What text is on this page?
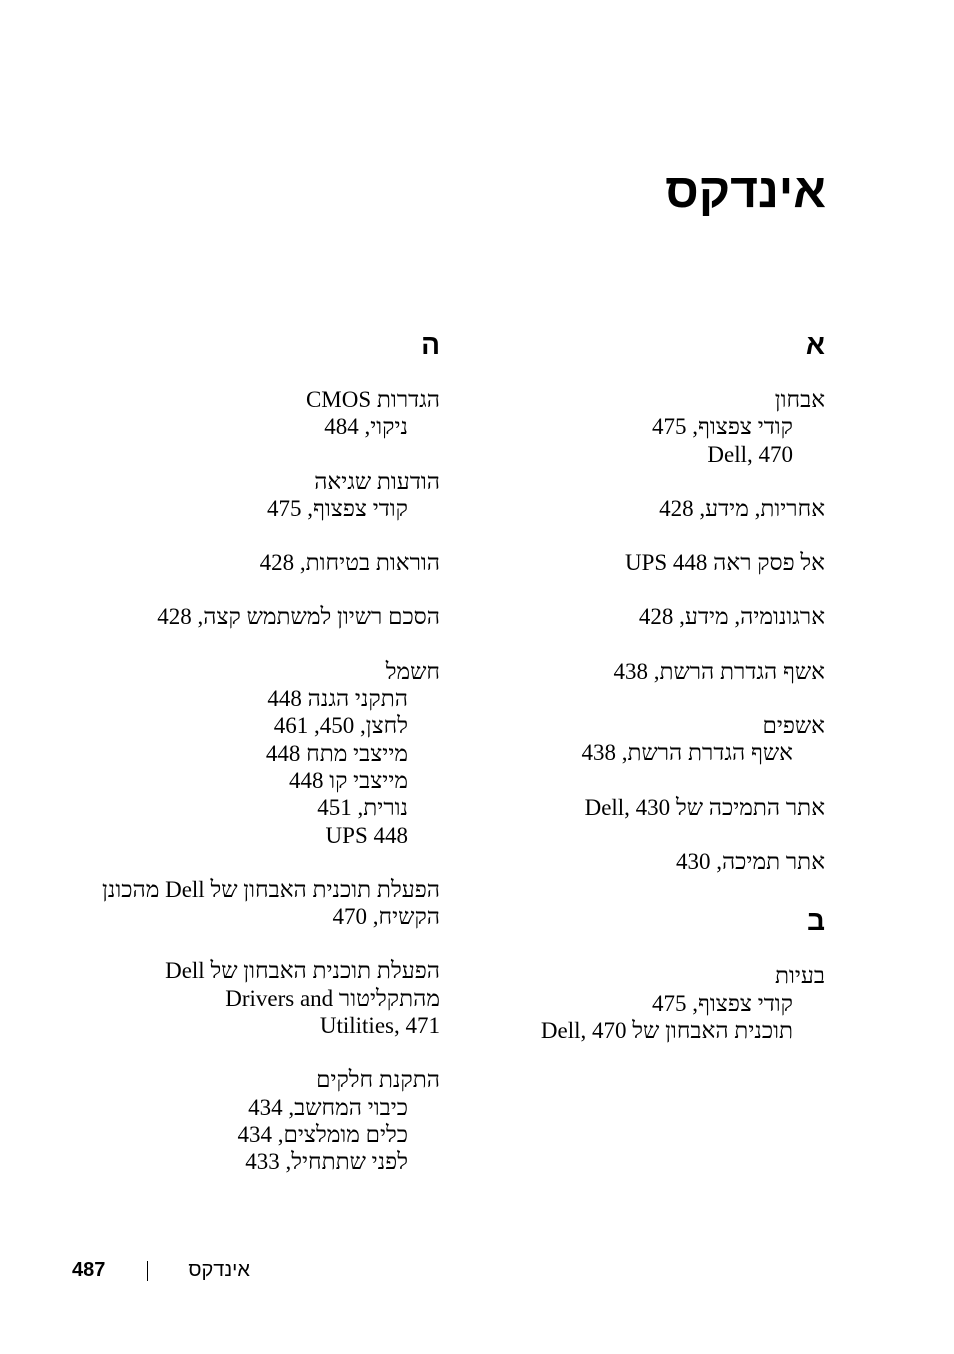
אינדקס
א
אבחון
קודי צפצוף, 475
Dell, 470
אחריות, מידע, 428
אל פסק ראה UPS 448
ארגונומיה, מידע, 428
אשף הגדרת הרשת, 438
אשפים
אשף הגדרת הרשת, 438
אתר התמיכה של Dell, 430
אתר תמיכה, 430
ב
בעיות
קודי צפצוף, 475
תוכנית האבחון של Dell, 470
ה
הגדרות CMOS
ניקוי, 484
הודעות שגיאה
קודי צפצוף, 475
הוראות בטיחות, 428
הסכם רשיון למשתמש קצה, 428
חשמל
התקני הגנה 448
לחצן, 450, 461
מייצבי מתח 448
מייצבי קו 448
נורית, 451
UPS 448
הפעלת תוכנית האבחון של Dell מהכונן
הקשיח, 470
הפעלת תוכנית האבחון של Dell
מהתקליטור Drivers and
Utilities, 471
התקנת חלקים
כיבוי המחשב, 434
כלים מומלצים, 434
לפני שתתחיל, 433
487	אינדקס
